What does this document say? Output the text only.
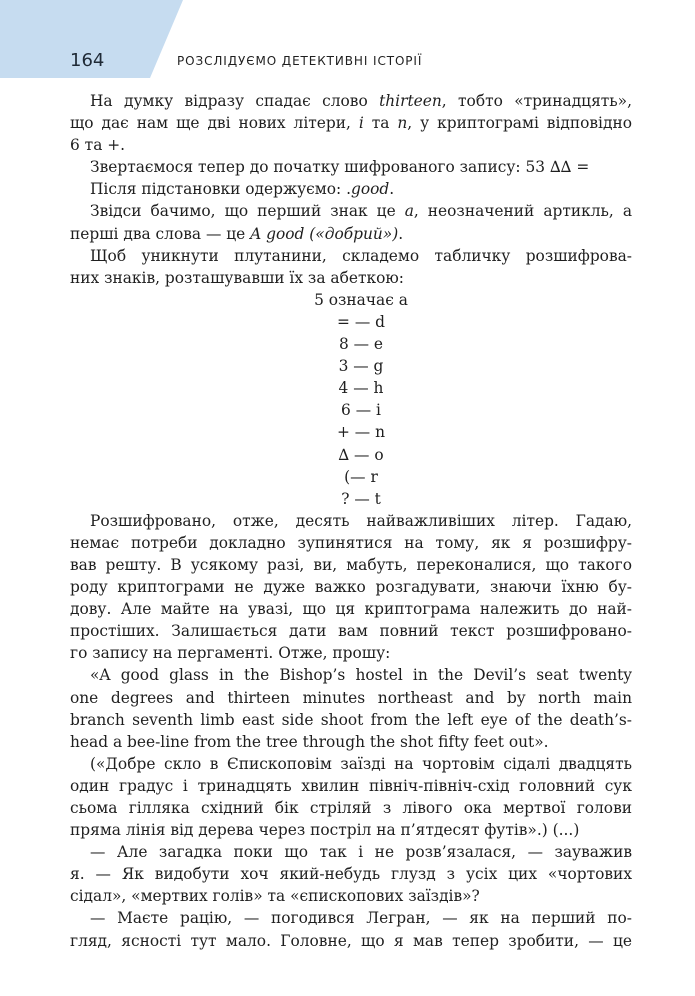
164	РОЗСЛІДУЄМО ДЕТЕКТИВНІ ІСТОРІЇ

На думку відразу спадає слово thirteen, тобто «тринадцять»,
що дає нам ще дві нових літери, i та n, у криптограмі відповідно
6 та +.
Звертаємося тепер до початку шифрованого запису: 53 ∆∆ =
Після підстановки одержуємо: .good.
Звідси бачимо, що перший знак це a, неозначений артикль, а
перші два слова — це A good («добрий»).
Щоб уникнути плутанини, складемо табличку розшифрова-
них знаків, розташувавши їх за абеткою:
5 означає а
= — d
8 — e
3 — g
4 — h
6 — i
+ — n
∆ — o
(— r
? — t
Розшифровано, отже, десять найважливіших літер. Гадаю,
немає потреби докладно зупинятися на тому, як я розшифру-
вав решту. В усякому разі, ви, мабуть, переконалися, що такого
роду криптограми не дуже важко розгадувати, знаючи їхню бу-
дову. Але майте на увазі, що ця криптограма належить до най-
простіших. Залишається дати вам повний текст розшифровано-
го запису на пергаменті. Отже, прошу:
«A good glass in the Bishop’s hostel in the Devil’s seat twenty
one degrees and thirteen minutes northeast and by north main
branch seventh limb east side shoot from the left eye of the death’s-
head a bee-line from the tree through the shot fifty feet out».
(«Добре скло в Єпископовім заїзді на чортовім сідалі двадцять
один градус і тринадцять хвилин північ-північ-схід головний сук
сьома гілляка східний бік стріляй з лівого ока мертвої голови
пряма лінія від дерева через постріл на п’ятдесят футів».) (...)
— Але загадка поки що так і не розв’язалася, — зауважив
я. — Як видобути хоч який-небудь глузд з усіх цих «чортових
сідал», «мертвих голів» та «єпископових заїздів»?
— Маєте рацію, — погодився Легран, — як на перший по-
гляд, ясності тут мало. Головне, що я мав тепер зробити, — це
